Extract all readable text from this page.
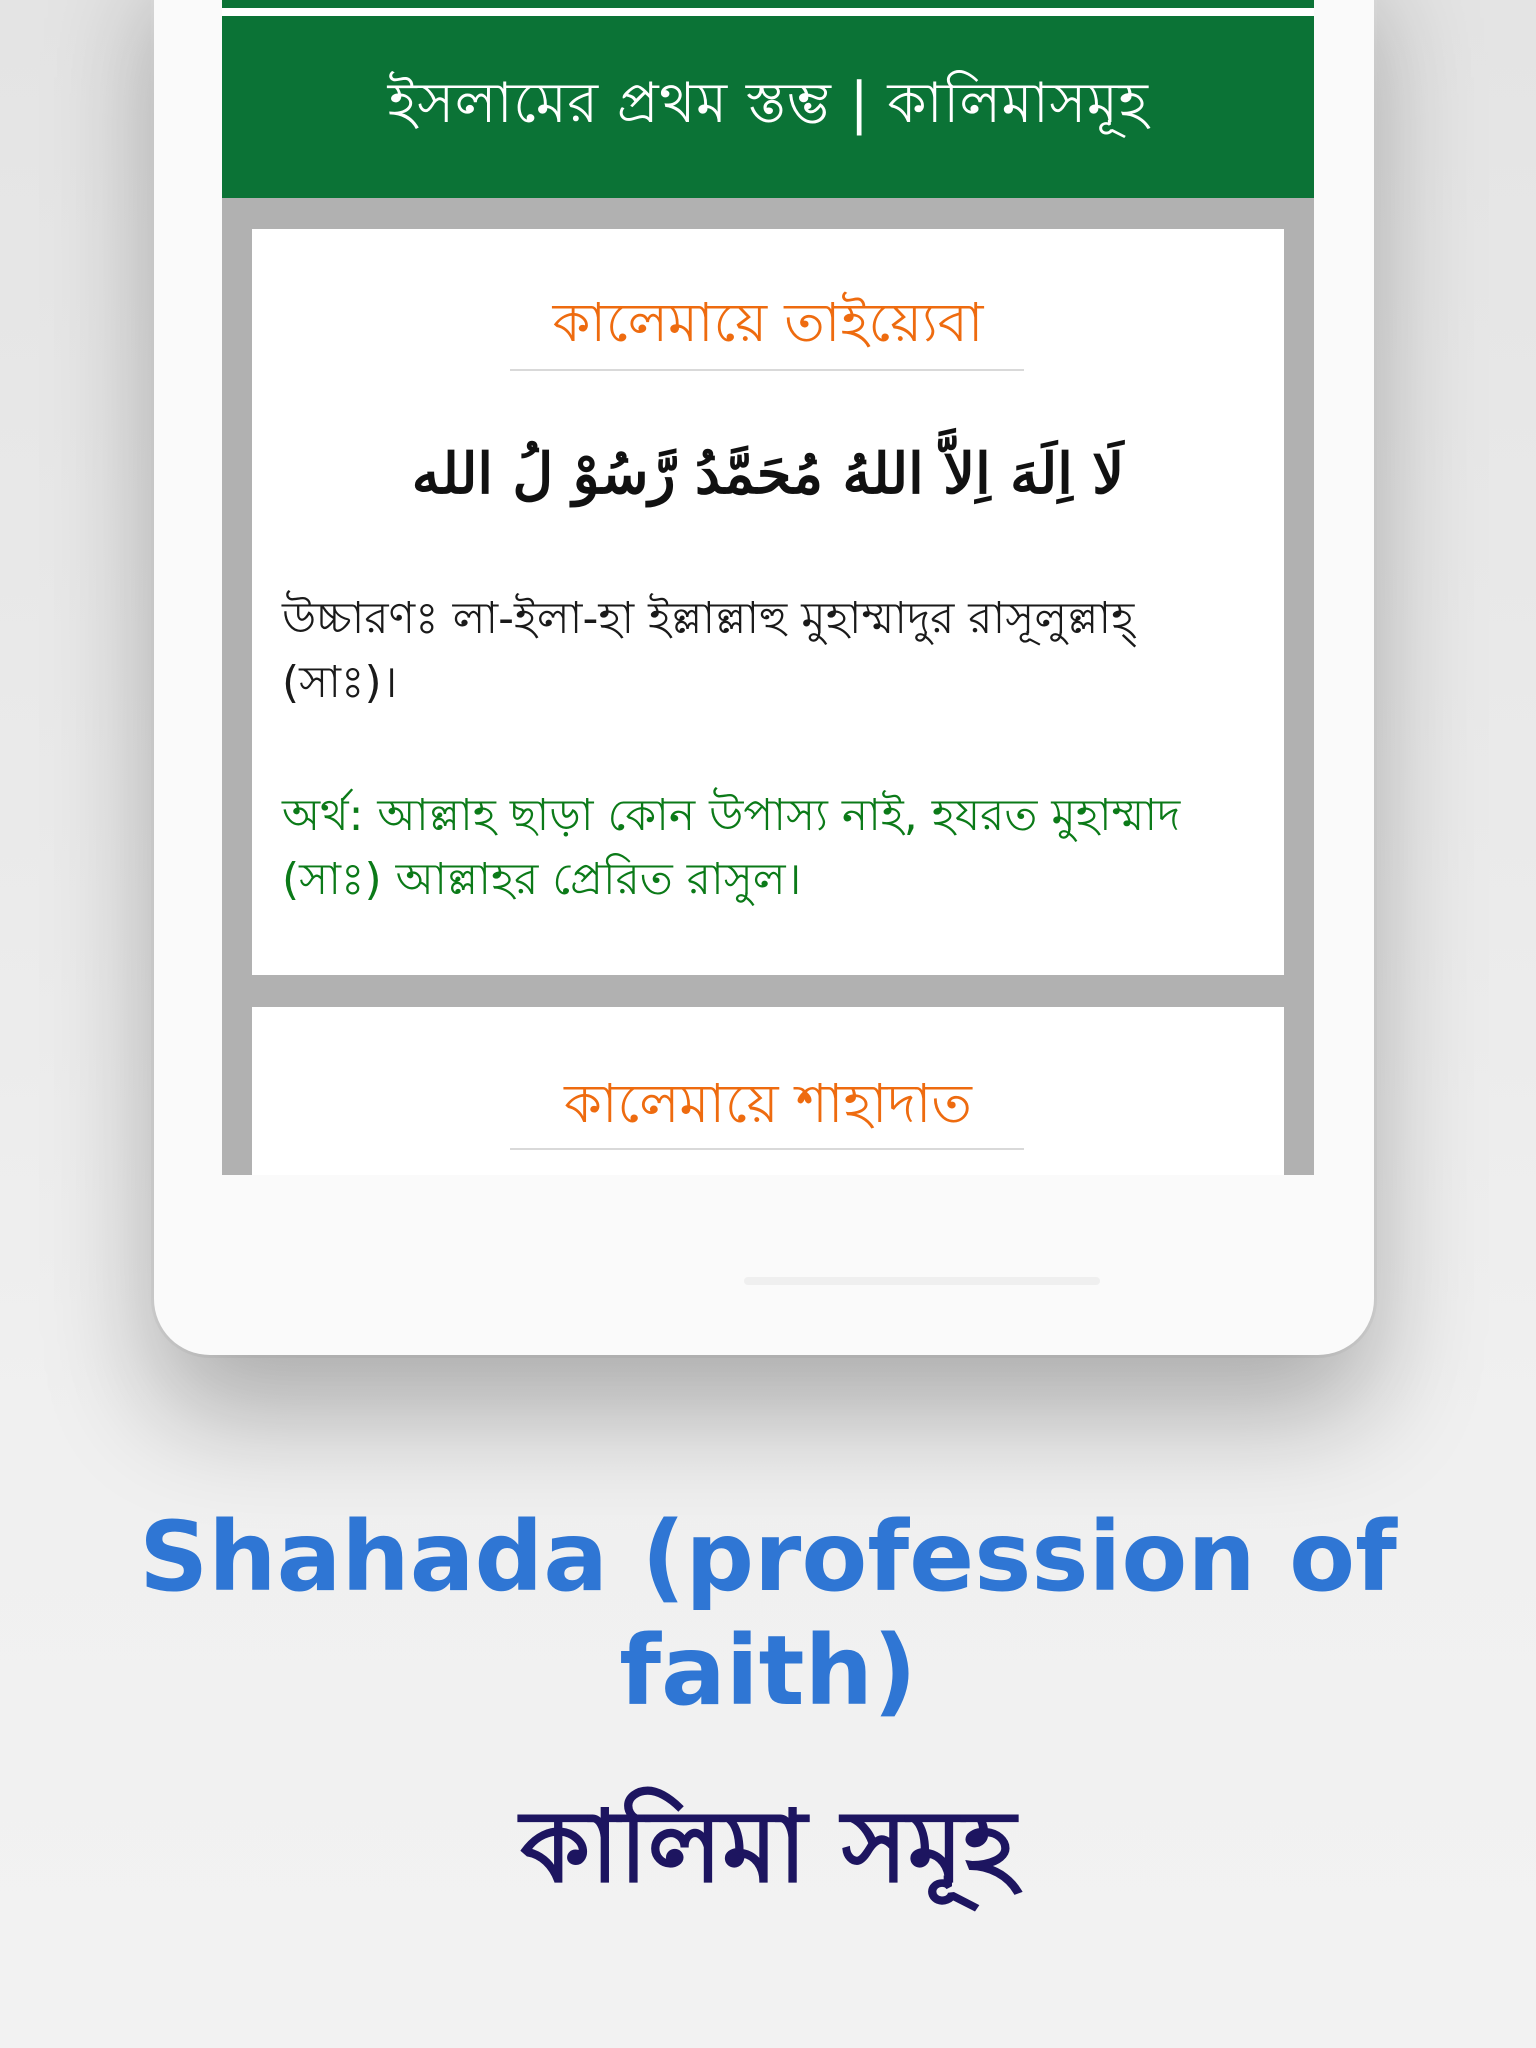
ইসলামের প্রথম স্তম্ভ | কালিমাসমূহ
কালেমায়ে তাইয়্যেবা
لَا اِلَهَ اِلاَّ اللهُ مُحَمَّدُ رَّسُوْ لُ الله
উচ্চারণঃ লা-ইলা-হা ইল্লাল্লাহু মুহাম্মাদুর রাসূলুল্লাহ্ (সাঃ)।
অর্থ: আল্লাহ ছাড়া কোন উপাস্য নাই, হযরত মুহাম্মাদ (সাঃ) আল্লাহর প্রেরিত রাসুল।
কালেমায়ে শাহাদাত
Shahada (profession of faith)
কালিমা সমূহ
